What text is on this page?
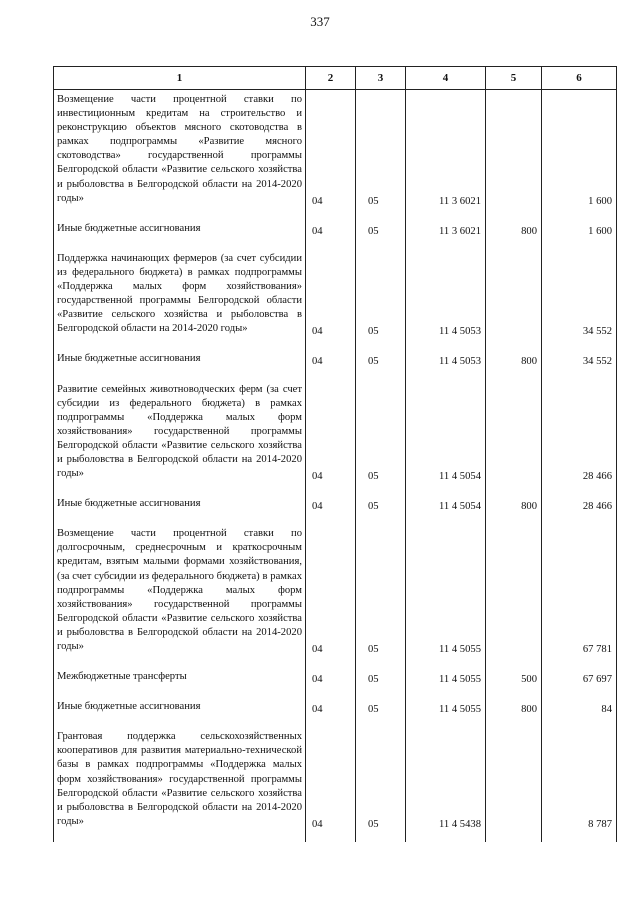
337
1	2	3	4	5	6
Возмещение части процентной ставки по инвестиционным кредитам на строительство и реконструкцию объектов мясного скотоводства в рамках подпрограммы «Развитие мясного скотоводства» государственной программы Белгородской области «Развитие сельского хозяйства и рыболовства в Белгородской области на 2014-2020 годы»	04	05	11 3 6021		1 600

Иные бюджетные ассигнования	04	05	11 3 6021	800	1 600

Поддержка начинающих фермеров (за счет субсидии из федерального бюджета) в рамках подпрограммы «Поддержка малых форм хозяйствования» государственной программы Белгородской области «Развитие сельского хозяйства и рыболовства в Белгородской области на 2014-2020 годы»	04	05	11 4 5053		34 552

Иные бюджетные ассигнования	04	05	11 4 5053	800	34 552

Развитие семейных животноводческих ферм (за счет субсидии из федерального бюджета) в рамках подпрограммы «Поддержка малых форм хозяйствования» государственной программы Белгородской области «Развитие сельского хозяйства и рыболовства в Белгородской области на 2014-2020 годы»	04	05	11 4 5054		28 466

Иные бюджетные ассигнования	04	05	11 4 5054	800	28 466

Возмещение части процентной ставки по долгосрочным, среднесрочным и краткосрочным кредитам, взятым малыми формами хозяйствования, (за счет субсидии из федерального бюджета) в рамках подпрограммы «Поддержка малых форм хозяйствования» государственной программы Белгородской области «Развитие сельского хозяйства и рыболовства в Белгородской области на 2014-2020 годы»	04	05	11 4 5055		67 781

Межбюджетные трансферты	04	05	11 4 5055	500	67 697

Иные бюджетные ассигнования	04	05	11 4 5055	800	84

Грантовая поддержка сельскохозяйственных кооперативов для развития материально-технической базы в рамках подпрограммы «Поддержка малых форм хозяйствования» государственной программы Белгородской области «Развитие сельского хозяйства и рыболовства в Белгородской области на 2014-2020 годы»	04	05	11 4 5438		8 787
